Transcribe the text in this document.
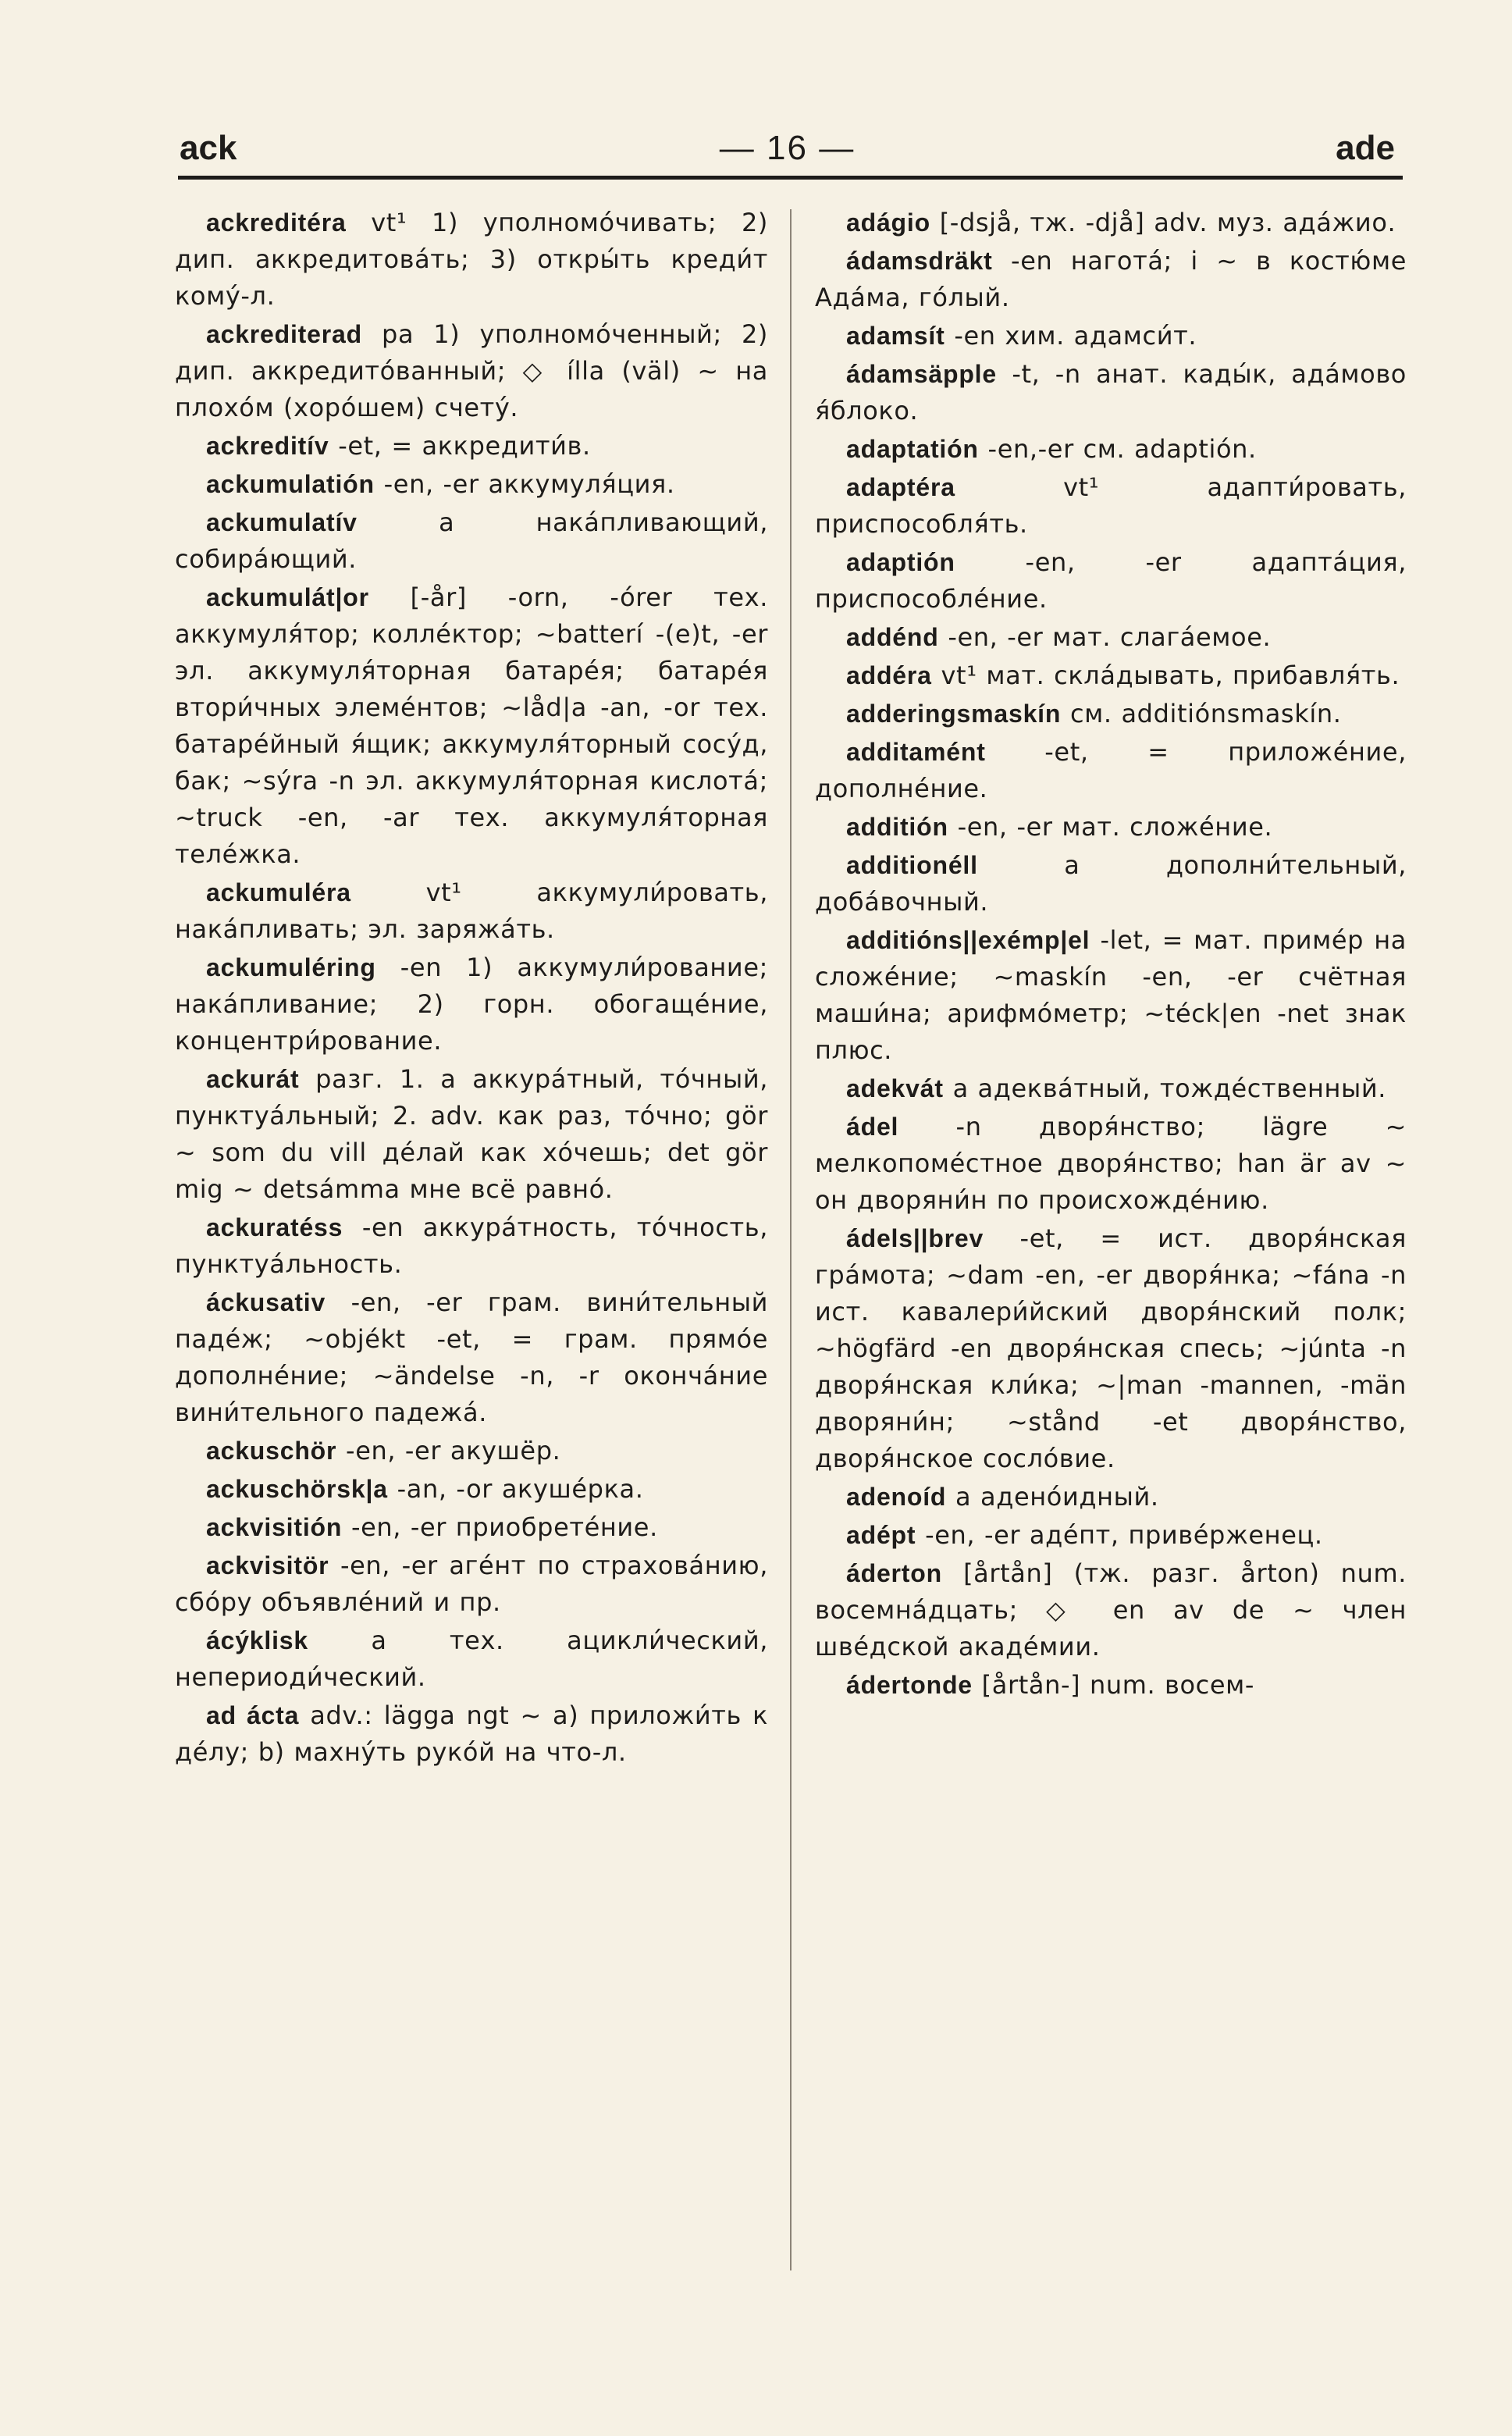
ack	— 16 —	ade

ackreditéra vt¹ 1) уполномо́чивать; 2) дип. аккредитова́ть; 3) откры́ть креди́т кому́-л.

ackrediterad pa 1) уполномо́ченный; 2) дип. аккредито́ванный; ◇ ílla (väl) ~ на плохо́м (хоро́шем) счету́.

ackreditív -et, = аккредити́в.

ackumulatión -en, -er аккумуля́ция.

ackumulatív a нака́пливающий, собира́ющий.

ackumulát|or [-år] -orn, -órer тех. аккумуля́тор; колле́ктор; ~batterí -(e)t, -er эл. аккумуля́торная батаре́я; батаре́я втори́чных элеме́нтов; ~låd|a -an, -or тех. батаре́йный я́щик; аккумуля́торный сосу́д, бак; ~sýra -n эл. аккумуля́торная кислота́; ~truck -en, -ar тех. аккумуля́торная теле́жка.

ackumuléra vt¹ аккумули́ровать, нака́пливать; эл. заряжа́ть.

ackumuléring -en 1) аккумули́рование; нака́пливание; 2) горн. обогаще́ние, концентри́рование.

ackurát разг. 1. a аккура́тный, то́чный, пунктуа́льный; 2. adv. как раз, то́чно; gör ~ som du vill де́лай как хо́чешь; det gör mig ~ detsámma мне всё равно́.

ackuratéss -en аккура́тность, то́чность, пунктуа́льность.

áckusativ -en, -er грам. вини́тельный паде́ж; ~objékt -et, = грам. прямо́е дополне́ние; ~ändelse -n, -r оконча́ние вини́тельного падежа́.

ackuschör -en, -er акушёр.

ackuschörsk|a -an, -or акуше́рка.

ackvisitión -en, -er приобрете́ние.

ackvisitör -en, -er аге́нт по страхова́нию, сбо́ру объявле́ний и пр.

ácýklisk a тех. ацикли́ческий, непериоди́ческий.

ad ácta adv.: lägga ngt ~ a) приложи́ть к де́лу; b) махну́ть руко́й на что-л.

adágio [-dsjå, тж. -djå] adv. муз. ада́жио.

ádamsdräkt -en нагота́; i ~ в костю́ме Ада́ма, го́лый.

adamsít -en хим. адамси́т.

ádamsäpple -t, -n анат. кады́к, ада́мово я́блоко.

adaptatión -en,-er см. adaptión.

adaptéra vt¹ адапти́ровать, приспособля́ть.

adaptión -en, -er адапта́ция, приспособле́ние.

addénd -en, -er мат. слага́емое.

addéra vt¹ мат. скла́дывать, прибавля́ть.

adderingsmaskín см. additiónsmaskín.

additamént -et, = приложе́ние, дополне́ние.

additión -en, -er мат. сложе́ние.

additionéll a дополни́тельный, доба́вочный.

additións||exémp|el -let, = мат. приме́р на сложе́ние; ~maskín -en, -er счётная маши́на; арифмо́метр; ~téck|en -net знак плюс.

adekvát a адеква́тный, тожде́ственный.

ádel -n дворя́нство; lägre ~ мелкопоме́стное дворя́нство; han är av ~ он дворяни́н по происхожде́нию.

ádels||brev -et, = ист. дворя́нская гра́мота; ~dam -en, -er дворя́нка; ~fána -n ист. кавалери́йский дворя́нский полк; ~högfärd -en дворя́нская спесь; ~júnta -n дворя́нская кли́ка; ~|man -mannen, -män дворяни́н; ~stånd -et дворя́нство, дворя́нское сосло́вие.

adenoíd a адено́идный.

adépt -en, -er аде́пт, приве́рженец.

áderton [årtån] (тж. разг. årton) num. восемна́дцать; ◇ en av de ~ член шве́дской акаде́мии.

ádertonde [årtån-] num. восем-
